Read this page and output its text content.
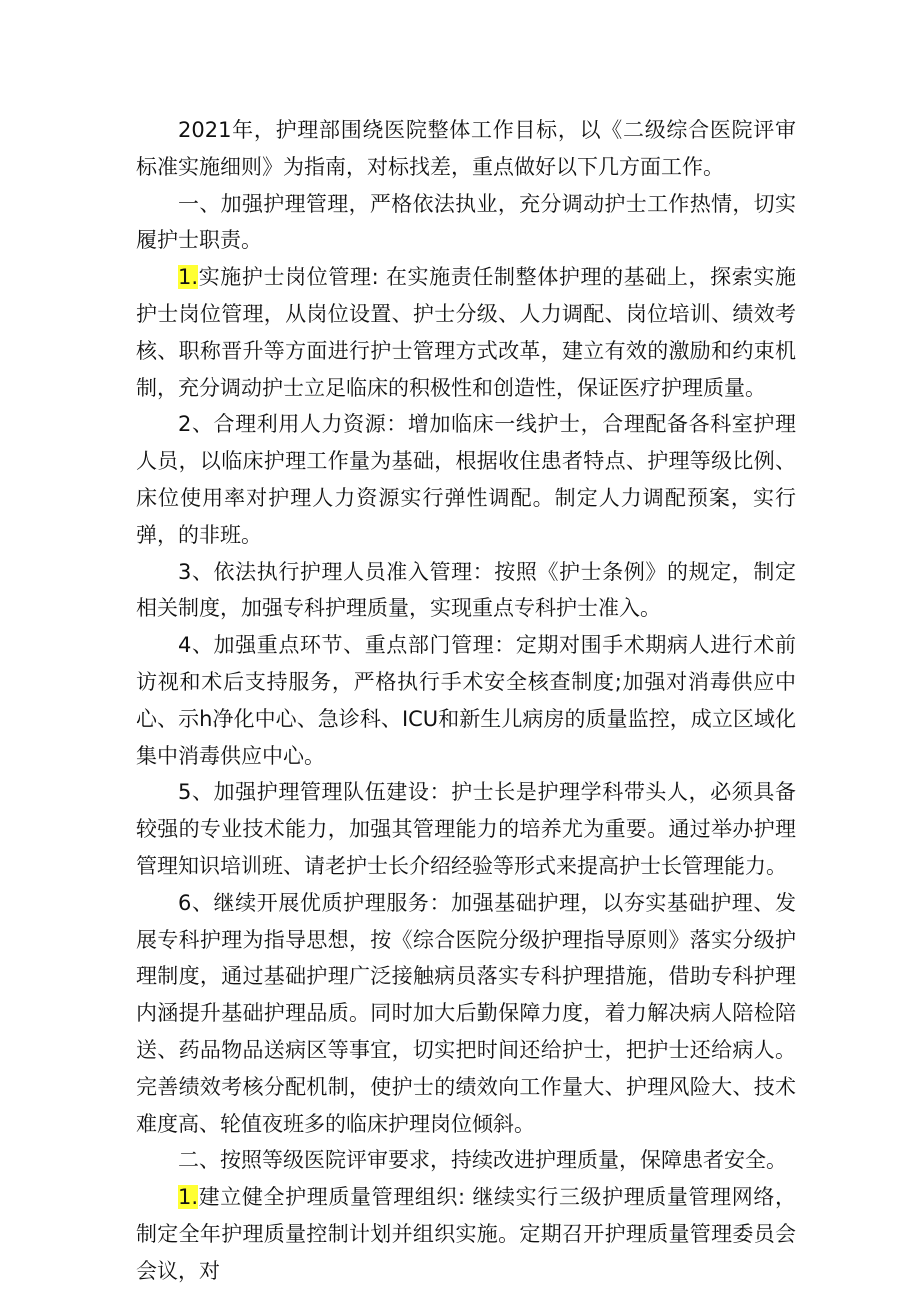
2021年，护理部围绕医院整体工作目标，以《二级综合医院评审标准实施细则》为指南，对标找差，重点做好以下几方面工作。

一、加强护理管理，严格依法执业，充分调动护士工作热情，切实履护士职责。

1.实施护士岗位管理: 在实施责任制整体护理的基础上，探索实施护士岗位管理，从岗位设置、护士分级、人力调配、岗位培训、绩效考核、职称晋升等方面进行护士管理方式改革，建立有效的激励和约束机制，充分调动护士立足临床的积极性和创造性，保证医疗护理质量。

2、合理利用人力资源：增加临床一线护士，合理配备各科室护理人员，以临床护理工作量为基础，根据收住患者特点、护理等级比例、床位使用率对护理人力资源实行弹性调配。制定人力调配预案，实行弹，的非班。

3、依法执行护理人员准入管理：按照《护士条例》的规定，制定相关制度，加强专科护理质量，实现重点专科护士准入。

4、加强重点环节、重点部门管理：定期对围手术期病人进行术前访视和术后支持服务，严格执行手术安全核查制度;加强对消毒供应中心、示h净化中心、急诊科、ICU和新生儿病房的质量监控，成立区域化集中消毒供应中心。

5、加强护理管理队伍建设：护士长是护理学科带头人，必须具备较强的专业技术能力，加强其管理能力的培养尤为重要。通过举办护理管理知识培训班、请老护士长介绍经验等形式来提高护士长管理能力。

6、继续开展优质护理服务：加强基础护理，以夯实基础护理、发展专科护理为指导思想，按《综合医院分级护理指导原则》落实分级护理制度，通过基础护理广泛接触病员落实专科护理措施，借助专科护理内涵提升基础护理品质。同时加大后勤保障力度，着力解决病人陪检陪送、药品物品送病区等事宜，切实把时间还给护士，把护士还给病人。完善绩效考核分配机制，使护士的绩效向工作量大、护理风险大、技术难度高、轮值夜班多的临床护理岗位倾斜。

二、按照等级医院评审要求，持续改进护理质量，保障患者安全。

1.建立健全护理质量管理组织: 继续实行三级护理质量管理网络，制定全年护理质量控制计划并组织实施。定期召开护理质量管理委员会会议，对
